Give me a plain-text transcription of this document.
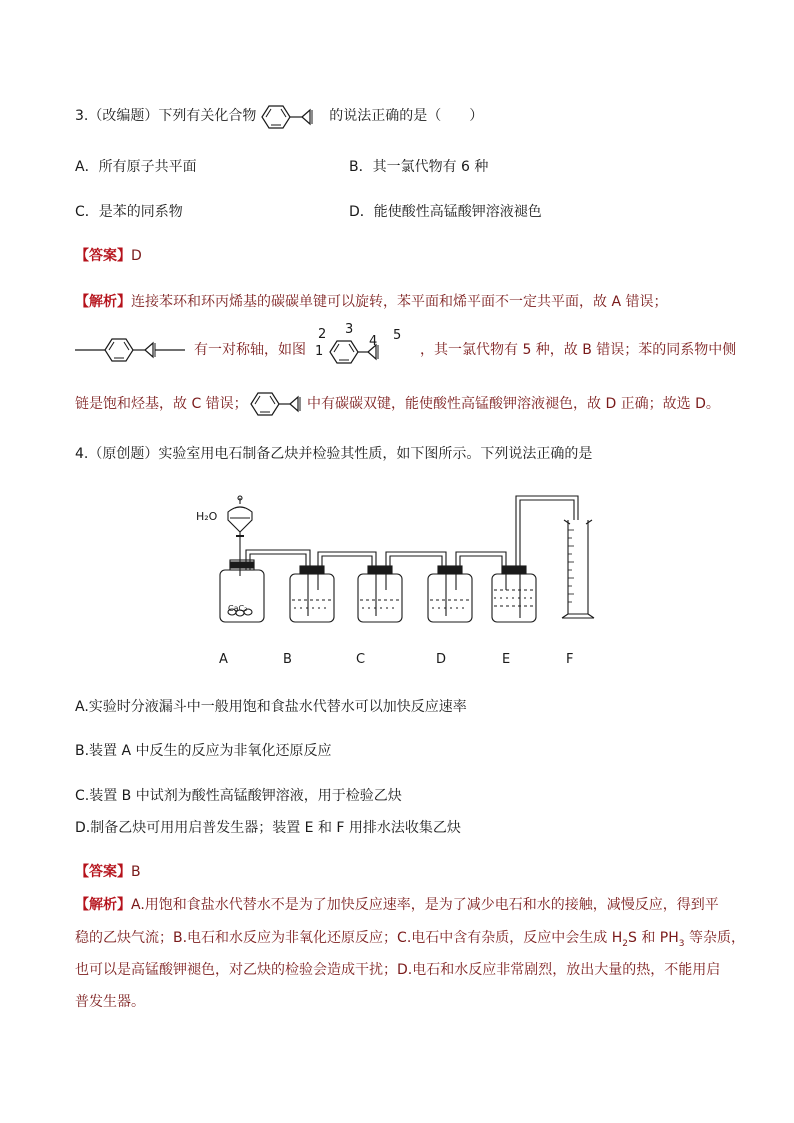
3.（改编题）下列有关化合物	的说法正确的是（　　）
A．所有原子共平面	B．其一氯代物有 6 种
C．是苯的同系物	D．能使酸性高锰酸钾溶液褪色
【答案】D
【解析】连接苯环和环丙烯基的碳碳单键可以旋转，苯平面和烯平面不一定共平面，故 A 错误；
有一对称轴，如图 1
2 3
4 5
，其一氯代物有 5 种，故 B 错误；苯的同系物中侧
链是饱和烃基，故 C 错误；	中有碳碳双键，能使酸性高锰酸钾溶液褪色，故 D 正确；故选 D。
4.（原创题）实验室用电石制备乙炔并检验其性质，如下图所示。下列说法正确的是
H₂O
CaC₂
A	B	C	D	E	F
A.实验时分液漏斗中一般用饱和食盐水代替水可以加快反应速率
B.装置 A 中反生的反应为非氧化还原反应
C.装置 B 中试剂为酸性高锰酸钾溶液，用于检验乙炔
D.制备乙炔可用用启普发生器；装置 E 和 F 用排水法收集乙炔
【答案】B
【解析】A.用饱和食盐水代替水不是为了加快反应速率，是为了减少电石和水的接触，减慢反应，得到平
稳的乙炔气流；B.电石和水反应为非氧化还原反应；C.电石中含有杂质，反应中会生成 $H_2S$ 和 $PH_3$ 等杂质，
也可以是高锰酸钾褪色，对乙炔的检验会造成干扰；D.电石和水反应非常剧烈，放出大量的热，不能用启
普发生器。
